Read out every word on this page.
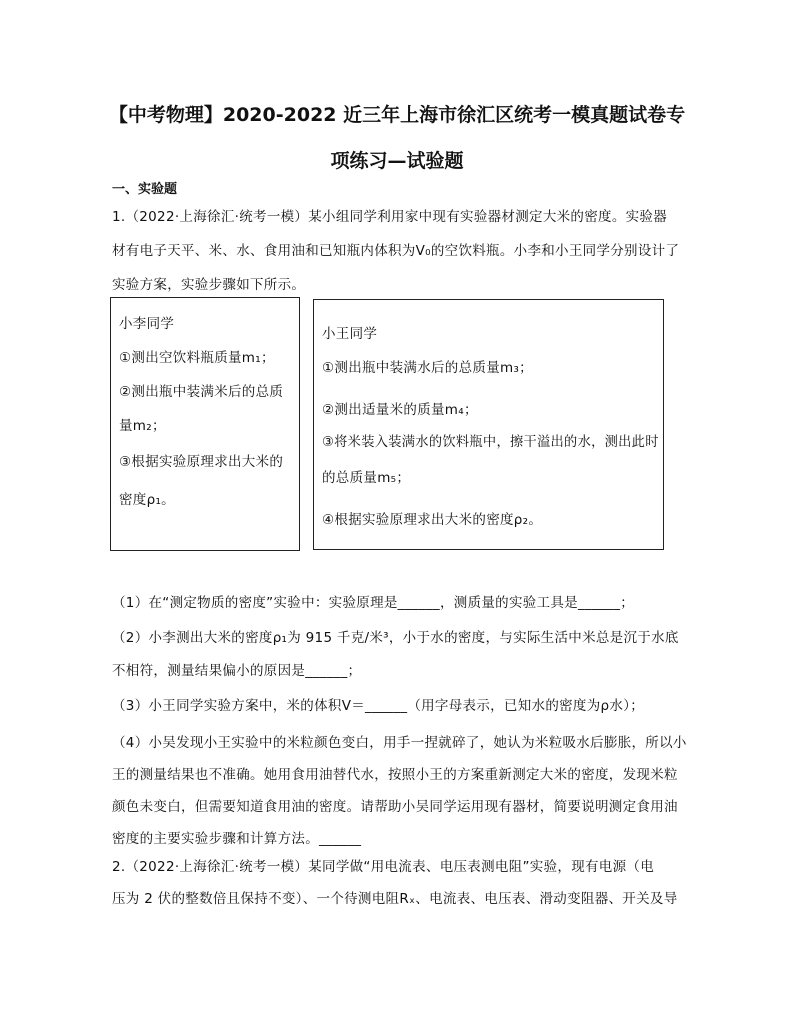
【中考物理】2020-2022 近三年上海市徐汇区统考一模真题试卷专
项练习—试验题
一、实验题
1.（2022·上海徐汇·统考一模）某小组同学利用家中现有实验器材测定大米的密度。实验器
材有电子天平、米、水、食用油和已知瓶内体积为V₀的空饮料瓶。小李和小王同学分别设计了
实验方案，实验步骤如下所示。
小李同学
①测出空饮料瓶质量m₁；
②测出瓶中装满米后的总质
量m₂；
③根据实验原理求出大米的
密度ρ₁。
小王同学
①测出瓶中装满水后的总质量m₃；
②测出适量米的质量m₄；
③将米装入装满水的饮料瓶中，擦干溢出的水，测出此时
的总质量m₅；
④根据实验原理求出大米的密度ρ₂。
（1）在“测定物质的密度”实验中：实验原理是______，测质量的实验工具是______；
（2）小李测出大米的密度ρ₁为 915 千克/米³，小于水的密度，与实际生活中米总是沉于水底
不相符，测量结果偏小的原因是______；
（3）小王同学实验方案中，米的体积V＝______（用字母表示，已知水的密度为ρ水）；
（4）小吴发现小王实验中的米粒颜色变白，用手一捏就碎了，她认为米粒吸水后膨胀，所以小
王的测量结果也不准确。她用食用油替代水，按照小王的方案重新测定大米的密度，发现米粒
颜色未变白，但需要知道食用油的密度。请帮助小吴同学运用现有器材，简要说明测定食用油
密度的主要实验步骤和计算方法。______
2.（2022·上海徐汇·统考一模）某同学做“用电流表、电压表测电阻”实验，现有电源（电
压为 2 伏的整数倍且保持不变）、一个待测电阻Rₓ、电流表、电压表、滑动变阻器、开关及导
